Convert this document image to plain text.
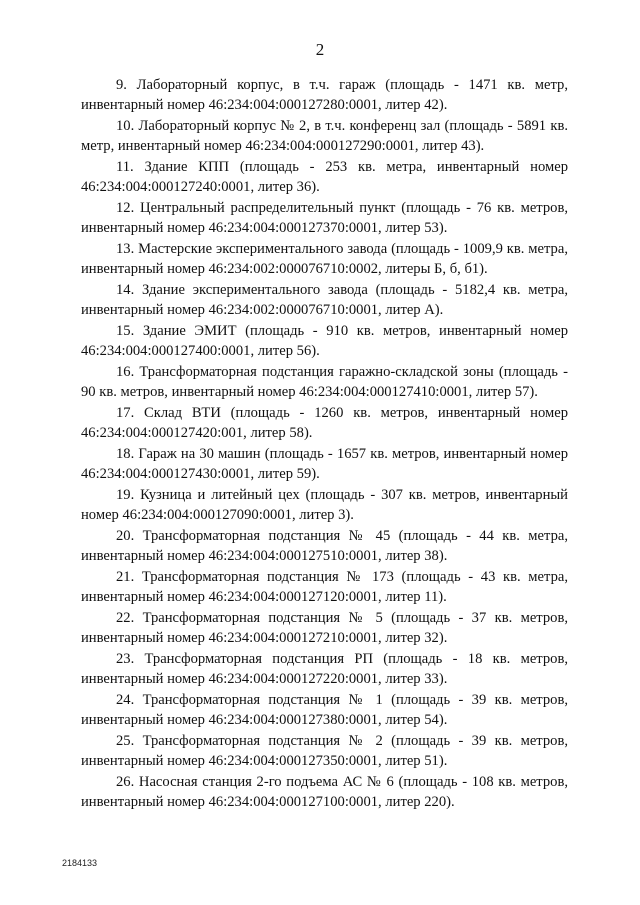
2

9. Лабораторный корпус, в т.ч. гараж (площадь - 1471 кв. метр, инвентарный номер 46:234:004:000127280:0001, литер 42).

10. Лабораторный корпус № 2, в т.ч. конференц зал (площадь - 5891 кв. метр, инвентарный номер 46:234:004:000127290:0001, литер 43).

11. Здание КПП (площадь - 253 кв. метра, инвентарный номер 46:234:004:000127240:0001, литер 36).

12. Центральный распределительный пункт (площадь - 76 кв. метров, инвентарный номер 46:234:004:000127370:0001, литер 53).

13. Мастерские экспериментального завода (площадь - 1009,9 кв. метра, инвентарный номер 46:234:002:000076710:0002, литеры Б, б, б1).

14. Здание экспериментального завода (площадь - 5182,4 кв. метра, инвентарный номер 46:234:002:000076710:0001, литер А).

15. Здание ЭМИТ (площадь - 910 кв. метров, инвентарный номер 46:234:004:000127400:0001, литер 56).

16. Трансформаторная подстанция гаражно-складской зоны (площадь - 90 кв. метров, инвентарный номер 46:234:004:000127410:0001, литер 57).

17. Склад ВТИ (площадь - 1260 кв. метров, инвентарный номер 46:234:004:000127420:001, литер 58).

18. Гараж на 30 машин (площадь - 1657 кв. метров, инвентарный номер 46:234:004:000127430:0001, литер 59).

19. Кузница и литейный цех (площадь - 307 кв. метров, инвентарный номер 46:234:004:000127090:0001, литер 3).

20. Трансформаторная подстанция № 45 (площадь - 44 кв. метра, инвентарный номер 46:234:004:000127510:0001, литер 38).

21. Трансформаторная подстанция № 173 (площадь - 43 кв. метра, инвентарный номер 46:234:004:000127120:0001, литер 11).

22. Трансформаторная подстанция № 5 (площадь - 37 кв. метров, инвентарный номер 46:234:004:000127210:0001, литер 32).

23. Трансформаторная подстанция РП (площадь - 18 кв. метров, инвентарный номер 46:234:004:000127220:0001, литер 33).

24. Трансформаторная подстанция № 1 (площадь - 39 кв. метров, инвентарный номер 46:234:004:000127380:0001, литер 54).

25. Трансформаторная подстанция № 2 (площадь - 39 кв. метров, инвентарный номер 46:234:004:000127350:0001, литер 51).

26. Насосная станция 2-го подъема АС № 6 (площадь - 108 кв. метров, инвентарный номер 46:234:004:000127100:0001, литер 220).

2184133
